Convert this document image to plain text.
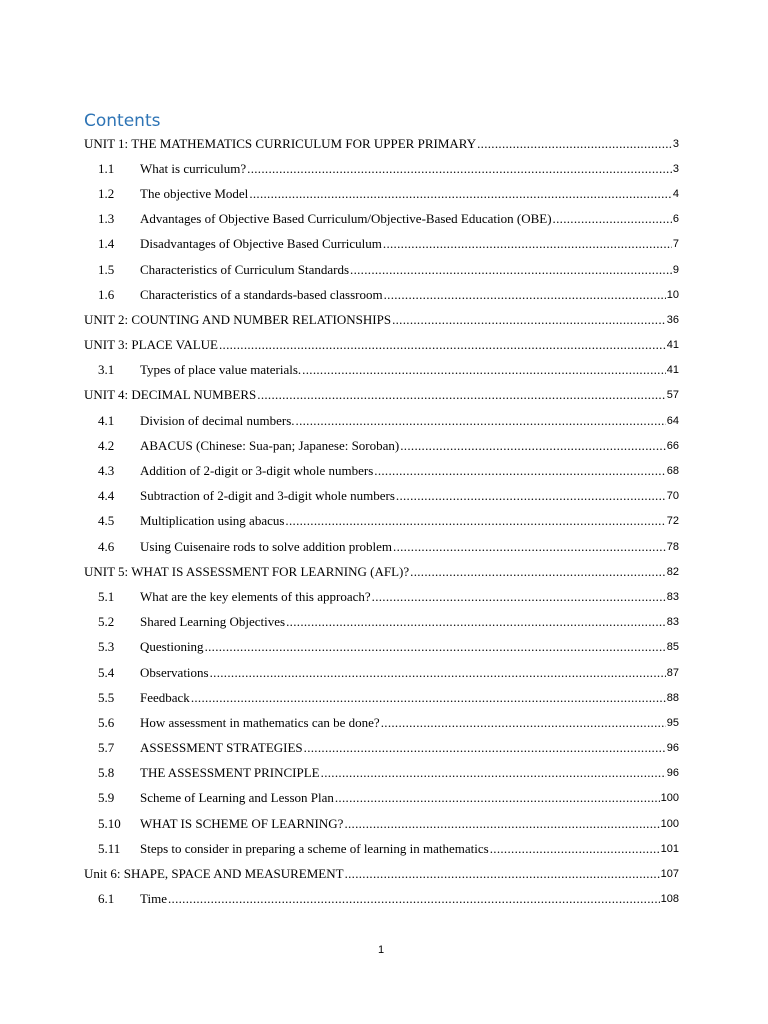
Contents
UNIT 1: THE MATHEMATICS CURRICULUM FOR UPPER PRIMARY .....	3
1.1	What is curriculum? .....	3
1.2	The objective Model .....	4
1.3	Advantages of Objective Based Curriculum/Objective-Based Education (OBE) .....	6
1.4	Disadvantages of Objective Based Curriculum .....	7
1.5	Characteristics of Curriculum Standards .....	9
1.6	Characteristics of a standards-based classroom .....	10
UNIT 2: COUNTING AND NUMBER RELATIONSHIPS .....	36
UNIT 3: PLACE VALUE .....	41
3.1	Types of place value materials. .....	41
UNIT 4: DECIMAL NUMBERS .....	57
4.1	Division of decimal numbers. .....	64
4.2	ABACUS (Chinese: Sua-pan; Japanese: Soroban) .....	66
4.3	Addition of 2-digit or 3-digit whole numbers .....	68
4.4	Subtraction of 2-digit and 3-digit whole numbers .....	70
4.5	Multiplication using abacus .....	72
4.6	Using Cuisenaire rods to solve addition problem .....	78
UNIT 5: WHAT IS ASSESSMENT FOR LEARNING (AFL)? .....	82
5.1	What are the key elements of this approach? .....	83
5.2	Shared Learning Objectives .....	83
5.3	Questioning .....	85
5.4	Observations .....	87
5.5	Feedback .....	88
5.6	How assessment in mathematics can be done? .....	95
5.7	ASSESSMENT STRATEGIES .....	96
5.8	THE ASSESSMENT PRINCIPLE .....	96
5.9	Scheme of Learning and Lesson Plan .....	100
5.10	WHAT IS SCHEME OF LEARNING? .....	100
5.11	Steps to consider in preparing a scheme of learning in mathematics .....	101
Unit 6: SHAPE, SPACE AND MEASUREMENT .....	107
6.1	Time .....	108
1
